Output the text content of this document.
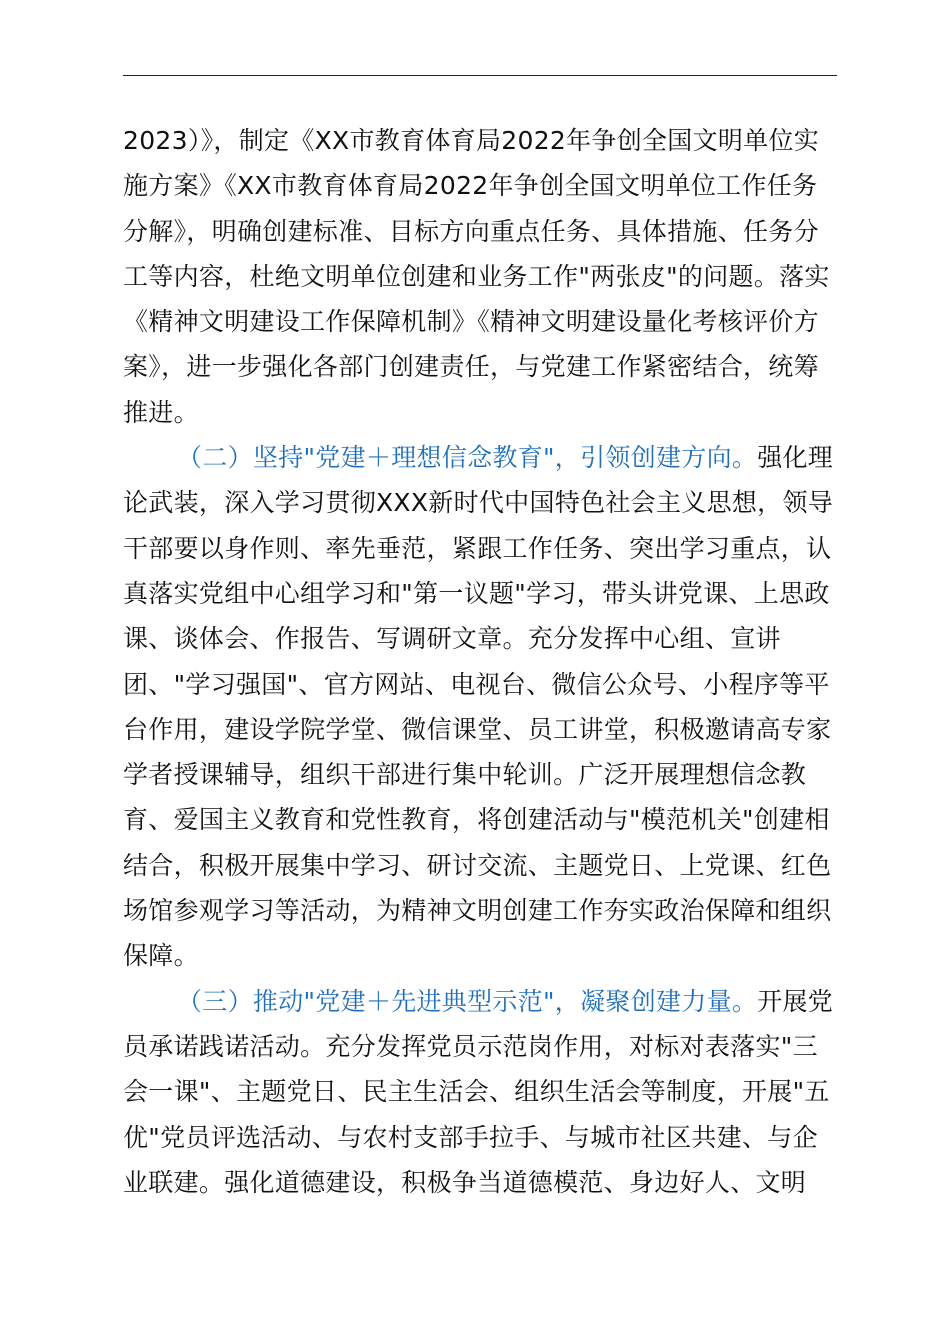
2023）》，制定《XX市教育体育局2022年争创全国文明单位实施方案》《XX市教育体育局2022年争创全国文明单位工作任务分解》，明确创建标准、目标方向重点任务、具体措施、任务分工等内容，杜绝文明单位创建和业务工作"两张皮"的问题。落实《精神文明建设工作保障机制》《精神文明建设量化考核评价方案》，进一步强化各部门创建责任，与党建工作紧密结合，统筹推进。

（二）坚持"党建＋理想信念教育"，引领创建方向。强化理论武装，深入学习贯彻XXX新时代中国特色社会主义思想，领导干部要以身作则、率先垂范，紧跟工作任务、突出学习重点，认真落实党组中心组学习和"第一议题"学习，带头讲党课、上思政课、谈体会、作报告、写调研文章。充分发挥中心组、宣讲团、"学习强国"、官方网站、电视台、微信公众号、小程序等平台作用，建设学院学堂、微信课堂、员工讲堂，积极邀请高专家学者授课辅导，组织干部进行集中轮训。广泛开展理想信念教育、爱国主义教育和党性教育，将创建活动与"模范机关"创建相结合，积极开展集中学习、研讨交流、主题党日、上党课、红色场馆参观学习等活动，为精神文明创建工作夯实政治保障和组织保障。

（三）推动"党建＋先进典型示范"，凝聚创建力量。开展党员承诺践诺活动。充分发挥党员示范岗作用，对标对表落实"三会一课"、主题党日、民主生活会、组织生活会等制度，开展"五优"党员评选活动、与农村支部手拉手、与城市社区共建、与企业联建。强化道德建设，积极争当道德模范、身边好人、文明
